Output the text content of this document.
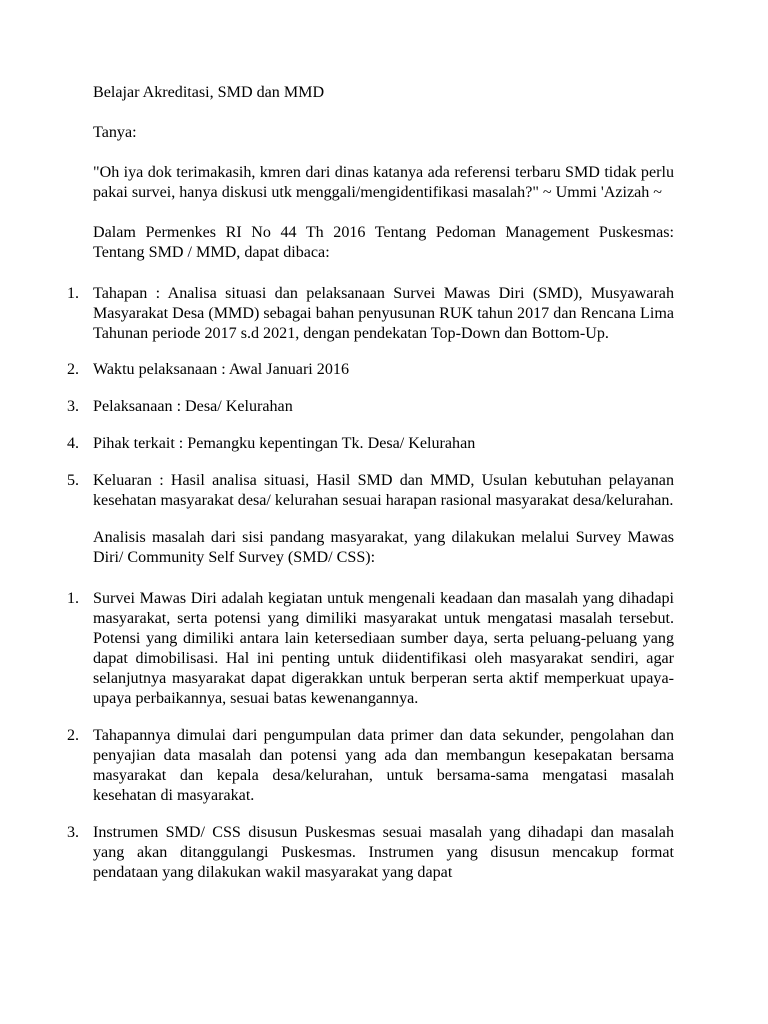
Belajar Akreditasi, SMD dan MMD

Tanya:

"Oh iya dok terimakasih, kmren dari dinas katanya ada referensi terbaru SMD tidak perlu pakai survei, hanya diskusi utk menggali/mengidentifikasi masalah?" ~ Ummi 'Azizah ~

Dalam Permenkes RI No 44 Th 2016 Tentang Pedoman Management Puskesmas: Tentang SMD / MMD, dapat dibaca:

1. Tahapan : Analisa situasi dan pelaksanaan Survei Mawas Diri (SMD), Musyawarah Masyarakat Desa (MMD) sebagai bahan penyusunan RUK tahun 2017 dan Rencana Lima Tahunan periode 2017 s.d 2021, dengan pendekatan Top-Down dan Bottom-Up.
2. Waktu pelaksanaan : Awal Januari 2016
3. Pelaksanaan : Desa/ Kelurahan
4. Pihak terkait : Pemangku kepentingan Tk. Desa/ Kelurahan
5. Keluaran : Hasil analisa situasi, Hasil SMD dan MMD, Usulan kebutuhan pelayanan kesehatan masyarakat desa/ kelurahan sesuai harapan rasional masyarakat desa/kelurahan.

Analisis masalah dari sisi pandang masyarakat, yang dilakukan melalui Survey Mawas Diri/ Community Self Survey (SMD/ CSS):

1. Survei Mawas Diri adalah kegiatan untuk mengenali keadaan dan masalah yang dihadapi masyarakat, serta potensi yang dimiliki masyarakat untuk mengatasi masalah tersebut. Potensi yang dimiliki antara lain ketersediaan sumber daya, serta peluang-peluang yang dapat dimobilisasi. Hal ini penting untuk diidentifikasi oleh masyarakat sendiri, agar selanjutnya masyarakat dapat digerakkan untuk berperan serta aktif memperkuat upaya-upaya perbaikannya, sesuai batas kewenangannya.
2. Tahapannya dimulai dari pengumpulan data primer dan data sekunder, pengolahan dan penyajian data masalah dan potensi yang ada dan membangun kesepakatan bersama masyarakat dan kepala desa/kelurahan, untuk bersama-sama mengatasi masalah kesehatan di masyarakat.
3. Instrumen SMD/ CSS disusun Puskesmas sesuai masalah yang dihadapi dan masalah yang akan ditanggulangi Puskesmas. Instrumen yang disusun mencakup format pendataan yang dilakukan wakil masyarakat yang dapat
